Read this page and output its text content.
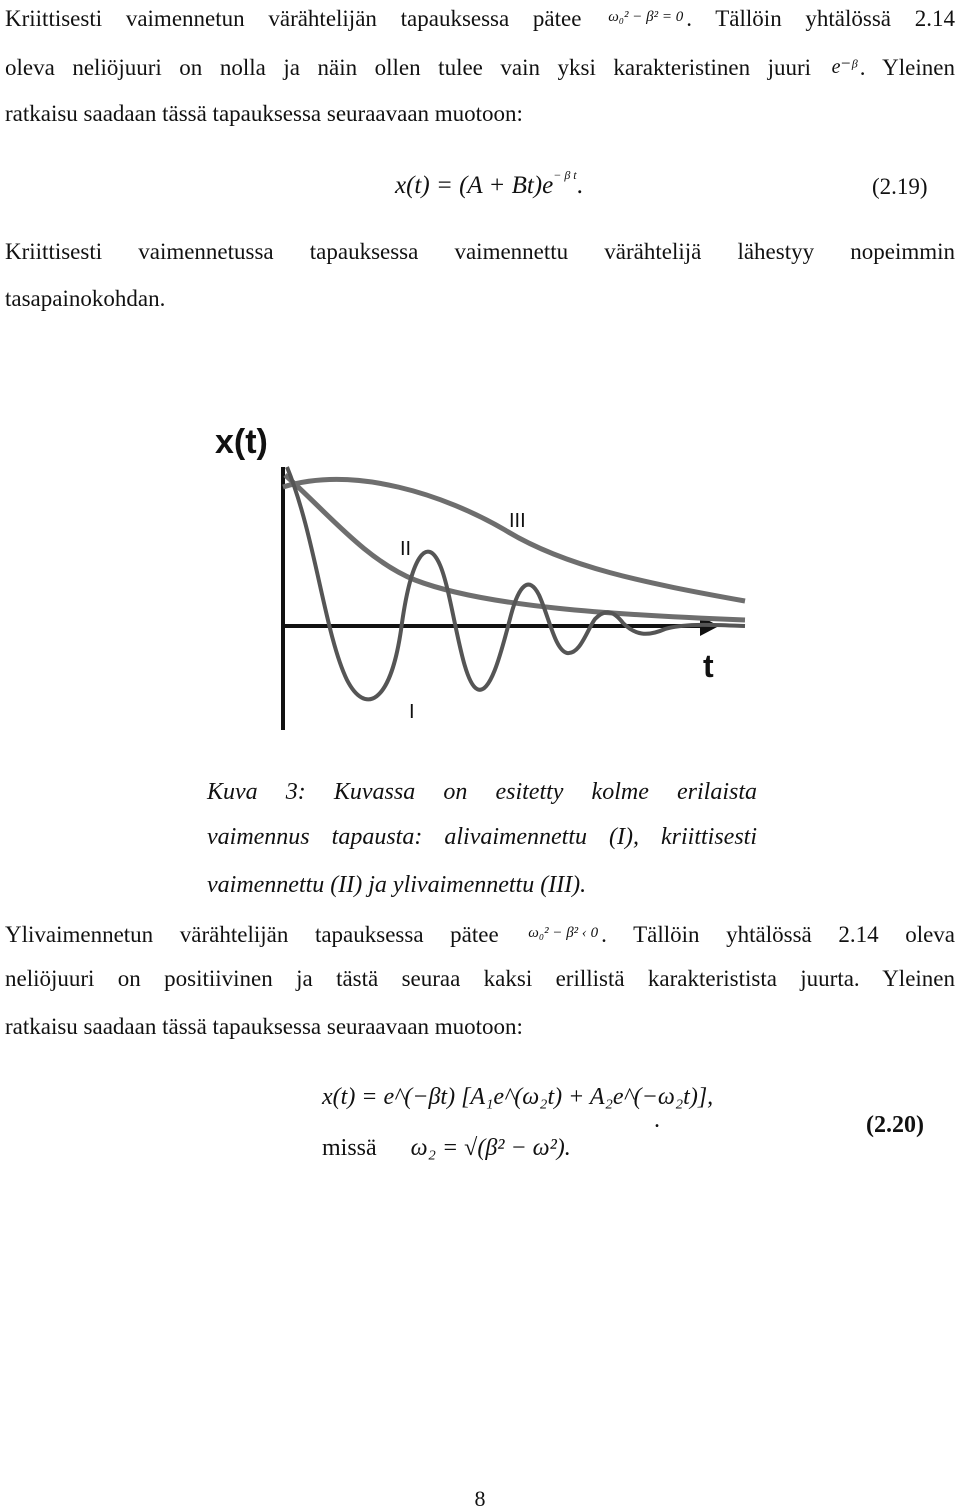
Kriittisesti vaimennetun värähtelijän tapauksessa pätee ω₀² − β² = 0 . Tällöin yhtälössä 2.14
oleva neliöjuuri on nolla ja näin ollen tulee vain yksi karakteristinen juuri e⁻ᵝ . Yleinen
ratkaisu saadaan tässä tapauksessa seuraavaan muotoon:
$x(t) = (A + Bt)e^{- \beta t}$.	(2.19)
Kriittisesti vaimennetussa tapauksessa vaimennettu värähtelijä lähestyy nopeimmin
tasapainokohdan.
x(t)
t
I
II
III
Kuva 3: Kuvassa on esitetty kolme erilaista
vaimennus tapausta: alivaimennettu (I), kriittisesti
vaimennettu (II) ja ylivaimennettu (III).
Ylivaimennetun värähtelijän tapauksessa pätee ω₀² − β² ‹ 0 . Tällöin yhtälössä 2.14 oleva
neliöjuuri on positiivinen ja tästä seuraa kaksi erillistä karakteristista juurta. Yleinen
ratkaisu saadaan tässä tapauksessa seuraavaan muotoon:
x(t) = e^(−βt) [A₁e^(ω₂t) + A₂e^(−ω₂t)],
missä ω₂ = √(β² − ω²).
.	(2.20)
8
